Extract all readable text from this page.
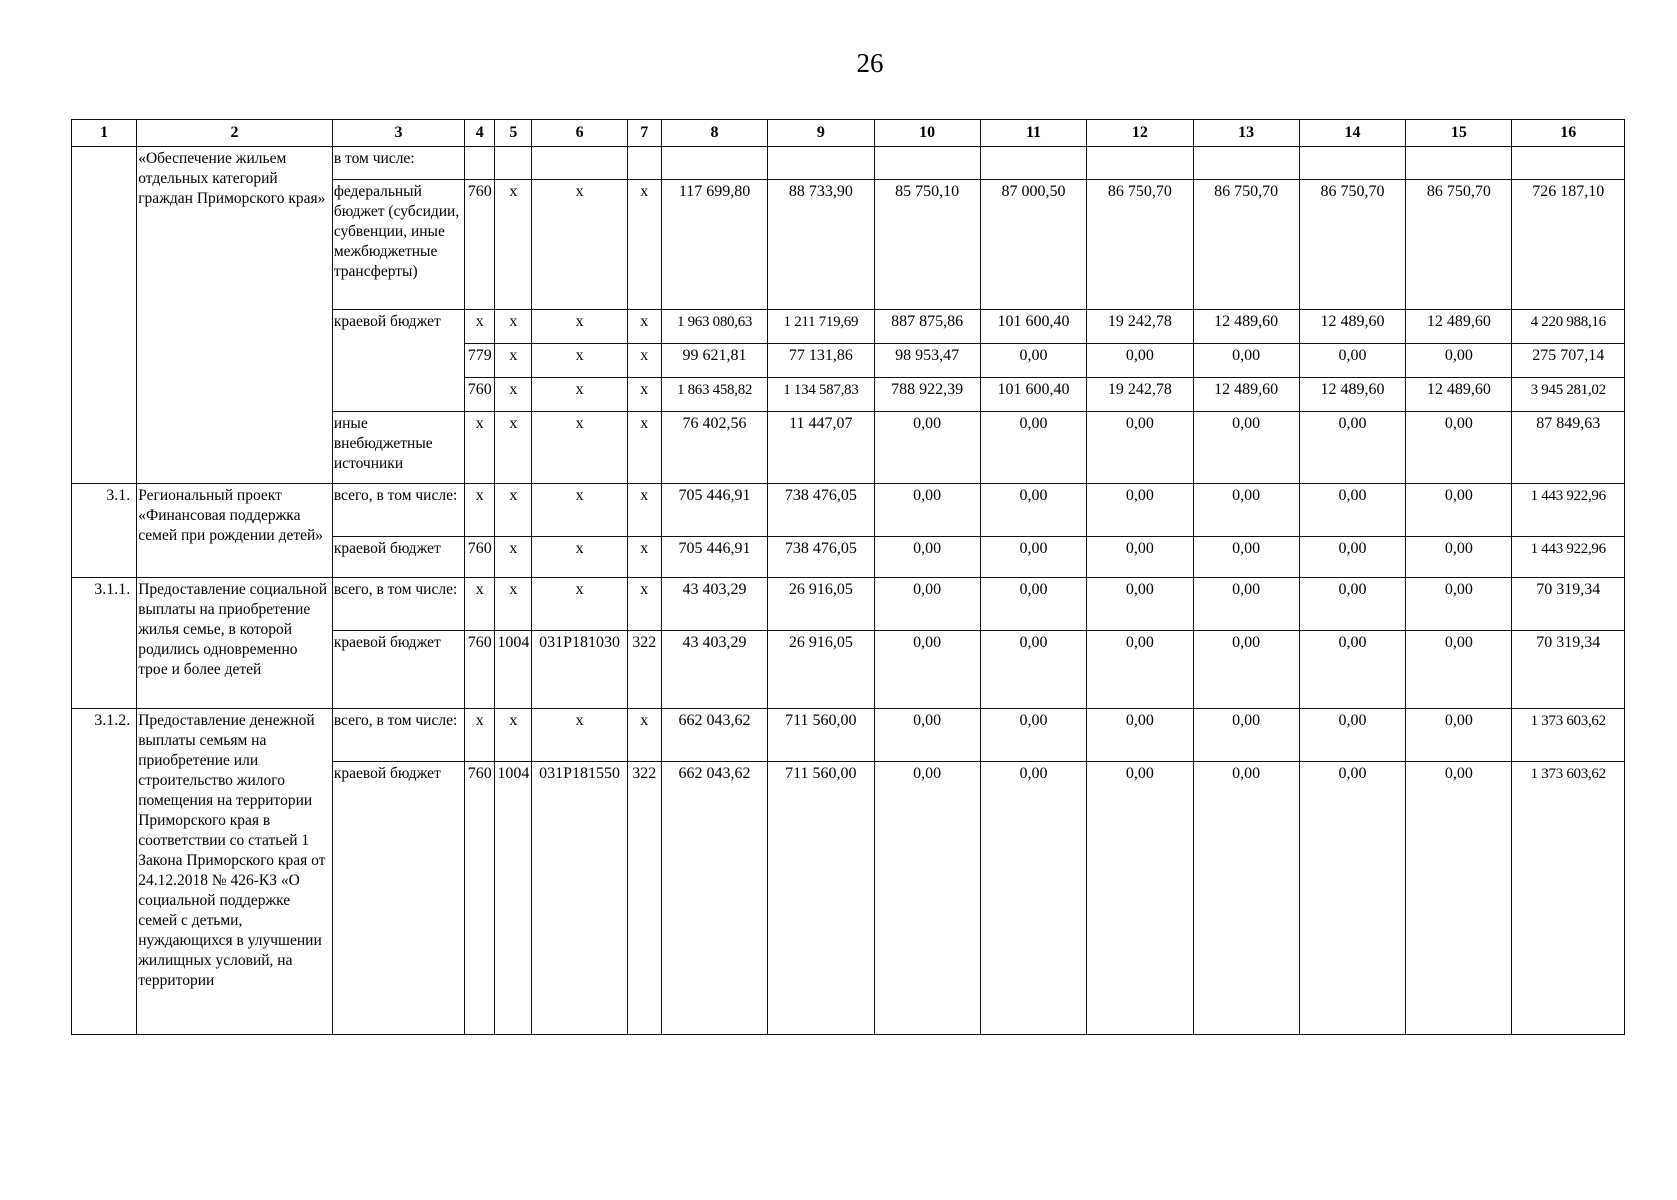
26
1	2	3	4	5	6	7	8	9	10	11	12	13	14	15	16
	«Обеспечение жильем отдельных категорий граждан Приморского края»	в том числе:													
		федеральный бюджет (субсидии, субвенции, иные межбюджетные трансферты)	760	x	x	x	117 699,80	88 733,90	85 750,10	87 000,50	86 750,70	86 750,70	86 750,70	86 750,70	726 187,10
		краевой бюджет	x	x	x	x	1 963 080,63	1 211 719,69	887 875,86	101 600,40	19 242,78	12 489,60	12 489,60	12 489,60	4 220 988,16
			779	x	x	x	99 621,81	77 131,86	98 953,47	0,00	0,00	0,00	0,00	0,00	275 707,14
			760	x	x	x	1 863 458,82	1 134 587,83	788 922,39	101 600,40	19 242,78	12 489,60	12 489,60	12 489,60	3 945 281,02
		иные внебюджетные источники	x	x	x	x	76 402,56	11 447,07	0,00	0,00	0,00	0,00	0,00	0,00	87 849,63
3.1.	Региональный проект «Финансовая поддержка семей при рождении детей»	всего, в том числе:	x	x	x	x	705 446,91	738 476,05	0,00	0,00	0,00	0,00	0,00	0,00	1 443 922,96
		краевой бюджет	760	x	x	x	705 446,91	738 476,05	0,00	0,00	0,00	0,00	0,00	0,00	1 443 922,96
3.1.1.	Предоставление социальной выплаты на приобретение жилья семье, в которой родились одновременно трое и более детей	всего, в том числе:	x	x	x	x	43 403,29	26 916,05	0,00	0,00	0,00	0,00	0,00	0,00	70 319,34
		краевой бюджет	760	1004	031Р181030	322	43 403,29	26 916,05	0,00	0,00	0,00	0,00	0,00	0,00	70 319,34
3.1.2.	Предоставление денежной выплаты семьям на приобретение или строительство жилого помещения на территории Приморского края в соответствии со статьей 1 Закона Приморского края от 24.12.2018 № 426-КЗ «О социальной поддержке семей с детьми, нуждающихся в улучшении жилищных условий, на территории	всего, в том числе:	x	x	x	x	662 043,62	711 560,00	0,00	0,00	0,00	0,00	0,00	0,00	1 373 603,62
		краевой бюджет	760	1004	031Р181550	322	662 043,62	711 560,00	0,00	0,00	0,00	0,00	0,00	0,00	1 373 603,62
